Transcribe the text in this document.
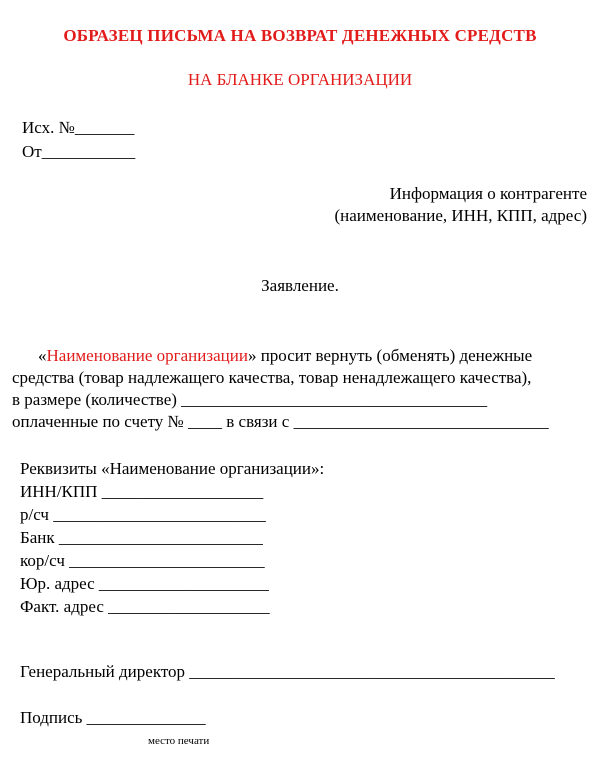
ОБРАЗЕЦ ПИСЬМА НА ВОЗВРАТ ДЕНЕЖНЫХ СРЕДСТВ
НА БЛАНКЕ ОРГАНИЗАЦИИ
Исх. №_______
От___________
Информация о контрагенте
(наименование, ИНН, КПП, адрес)
Заявление.
«Наименование организации» просит вернуть (обменять) денежные
средства (товар надлежащего качества, товар ненадлежащего качества),
в размере (количестве) ____________________________________
оплаченные по счету № ____ в связи с ______________________________
Реквизиты «Наименование организации»:
ИНН/КПП ___________________
р/сч _________________________
Банк ________________________
кор/сч _______________________
Юр. адрес ____________________
Факт. адрес ___________________
Генеральный директор ___________________________________________
Подпись ______________
место печати
